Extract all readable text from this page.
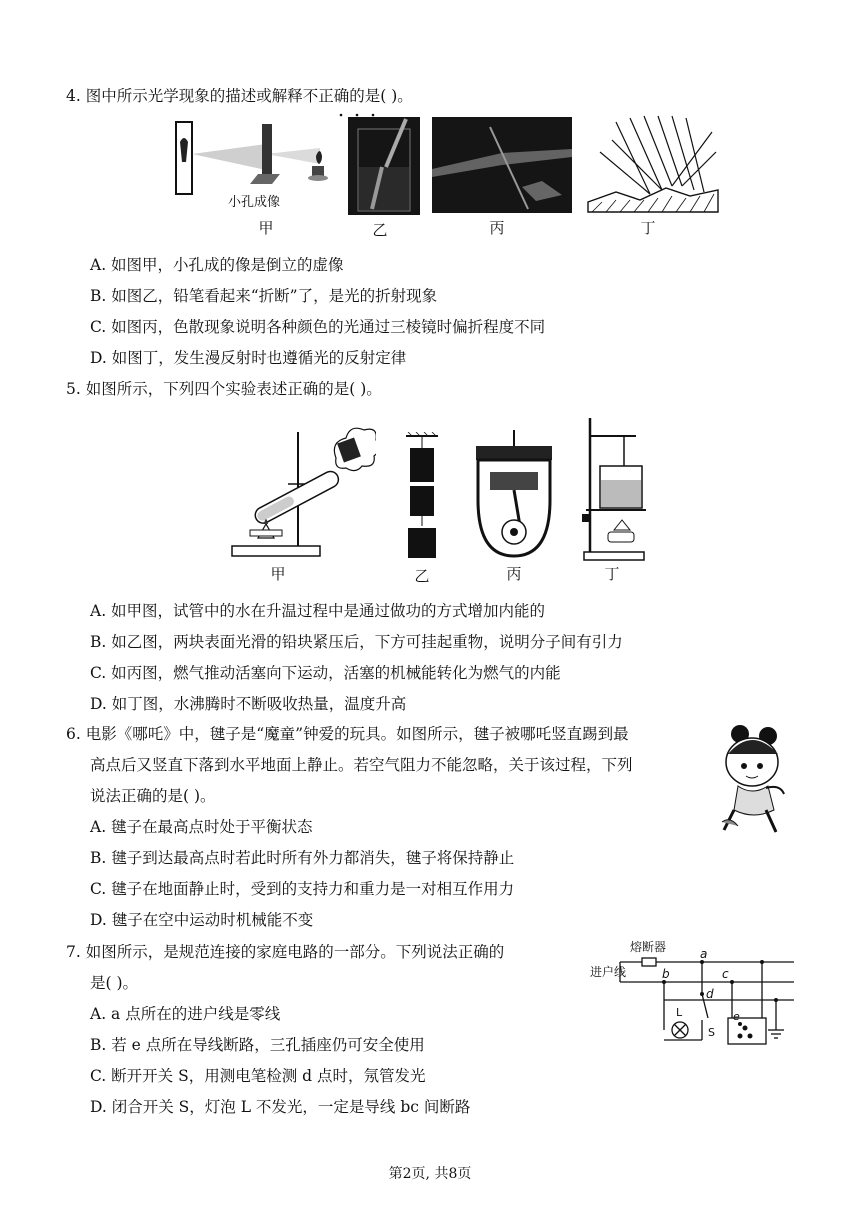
4. 图中所示光学现象的描述或解释不正确的是( )。
小孔成像
甲	乙	丙	丁
A. 如图甲，小孔成的像是倒立的虚像
B. 如图乙，铅笔看起来“折断”了，是光的折射现象
C. 如图丙，色散现象说明各种颜色的光通过三棱镜时偏折程度不同
D. 如图丁，发生漫反射时也遵循光的反射定律
5. 如图所示，下列四个实验表述正确的是( )。
甲	乙	丙	丁
A. 如甲图，试管中的水在升温过程中是通过做功的方式增加内能的
B. 如乙图，两块表面光滑的铅块紧压后，下方可挂起重物，说明分子间有引力
C. 如丙图，燃气推动活塞向下运动，活塞的机械能转化为燃气的内能
D. 如丁图，水沸腾时不断吸收热量，温度升高
6. 电影《哪吒》中，毽子是“魔童”钟爱的玩具。如图所示，毽子被哪吒竖直踢到最
高点后又竖直下落到水平地面上静止。若空气阻力不能忽略，关于该过程，下列
说法正确的是( )。
A. 毽子在最高点时处于平衡状态
B. 毽子到达最高点时若此时所有外力都消失，毽子将保持静止
C. 毽子在地面静止时，受到的支持力和重力是一对相互作用力
D. 毽子在空中运动时机械能不变
7. 如图所示，是规范连接的家庭电路的一部分。下列说法正确的
是( )。
熔断器
进户线
a
b	c
d
e
L
S
A. a 点所在的进户线是零线
B. 若 e 点所在导线断路，三孔插座仍可安全使用
C. 断开开关 S，用测电笔检测 d 点时，氖管发光
D. 闭合开关 S，灯泡 L 不发光，一定是导线 bc 间断路
第2页, 共8页
